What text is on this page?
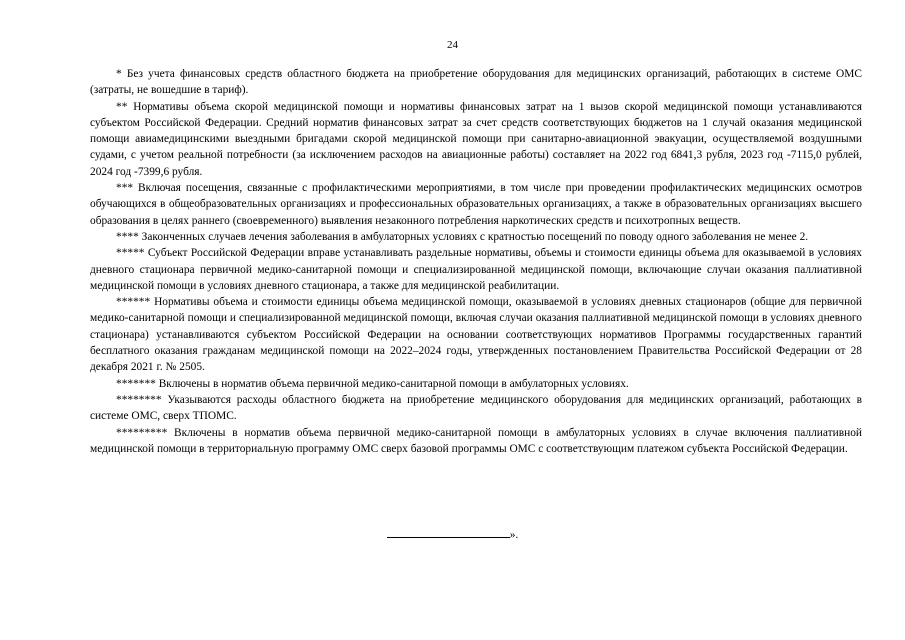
24

* Без учета финансовых средств областного бюджета на приобретение оборудования для медицинских организаций, работающих в системе ОМС (затраты, не вошедшие в тариф).

** Нормативы объема скорой медицинской помощи и нормативы финансовых затрат на 1 вызов скорой медицинской помощи устанавливаются субъектом Российской Федерации. Средний норматив финансовых затрат за счет средств соответствующих бюджетов на 1 случай оказания медицинской помощи авиамедицинскими выездными бригадами скорой медицинской помощи при санитарно-авиационной эвакуации, осуществляемой воздушными судами, с учетом реальной потребности (за исключением расходов на авиационные работы) составляет на 2022 год 6841,3 рубля, 2023 год -7115,0 рублей, 2024 год -7399,6 рубля.

*** Включая посещения, связанные с профилактическими мероприятиями, в том числе при проведении профилактических медицинских осмотров обучающихся в общеобразовательных организациях и профессиональных образовательных организациях, а также в образовательных организациях высшего образования в целях раннего (своевременного) выявления незаконного потребления наркотических средств и психотропных веществ.

**** Законченных случаев лечения заболевания в амбулаторных условиях с кратностью посещений по поводу одного заболевания не менее 2.

***** Субъект Российской Федерации вправе устанавливать раздельные нормативы, объемы и стоимости единицы объема для оказываемой в условиях дневного стационара первичной медико-санитарной помощи и специализированной медицинской помощи, включающие случаи оказания паллиативной медицинской помощи в условиях дневного стационара, а также для медицинской реабилитации.

****** Нормативы объема и стоимости единицы объема медицинской помощи, оказываемой в условиях дневных стационаров (общие для первичной медико-санитарной помощи и специализированной медицинской помощи, включая случаи оказания паллиативной медицинской помощи в условиях дневного стационара) устанавливаются субъектом Российской Федерации на основании соответствующих нормативов Программы государственных гарантий бесплатного оказания гражданам медицинской помощи на 2022–2024 годы, утвержденных постановлением Правительства Российской Федерации от 28 декабря 2021 г. № 2505.

******* Включены в норматив объема первичной медико-санитарной помощи в амбулаторных условиях.

******** Указываются расходы областного бюджета на приобретение медицинского оборудования для медицинских организаций, работающих в системе ОМС, сверх ТПОМС.

********* Включены в норматив объема первичной медико-санитарной помощи в амбулаторных условиях в случае включения паллиативной медицинской помощи в территориальную программу ОМС сверх базовой программы ОМС с соответствующим платежом субъекта Российской Федерации.

».
